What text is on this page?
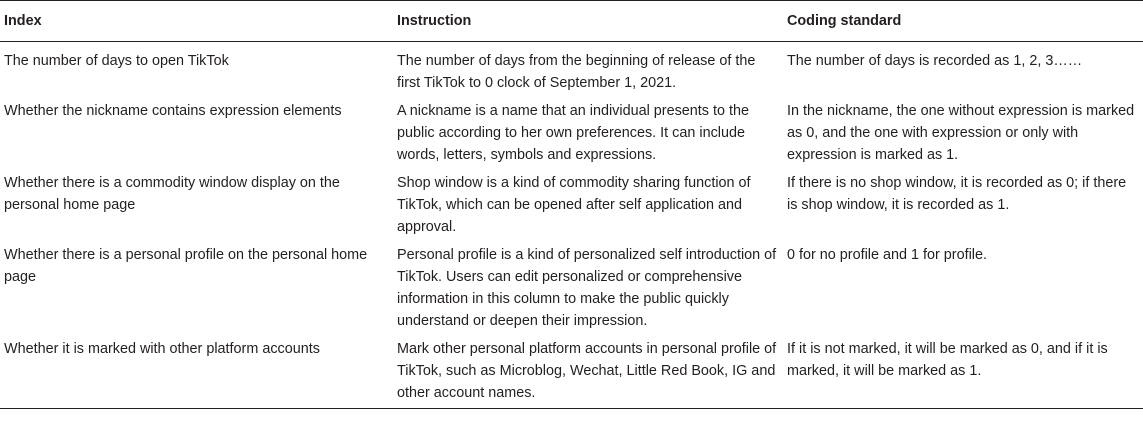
Index	Instruction	Coding standard
The number of days to open TikTok	The number of days from the beginning of release of the first TikTok to 0 clock of September 1, 2021.	The number of days is recorded as 1, 2, 3……
Whether the nickname contains expression elements	A nickname is a name that an individual presents to the public according to her own preferences. It can include words, letters, symbols and expressions.	In the nickname, the one without expression is marked as 0, and the one with expression or only with expression is marked as 1.
Whether there is a commodity window display on the personal home page	Shop window is a kind of commodity sharing function of TikTok, which can be opened after self application and approval.	If there is no shop window, it is recorded as 0; if there is shop window, it is recorded as 1.
Whether there is a personal profile on the personal home page	Personal profile is a kind of personalized self introduction of TikTok. Users can edit personalized or comprehensive information in this column to make the public quickly understand or deepen their impression.	0 for no profile and 1 for profile.
Whether it is marked with other platform accounts	Mark other personal platform accounts in personal profile of TikTok, such as Microblog, Wechat, Little Red Book, IG and other account names.	If it is not marked, it will be marked as 0, and if it is marked, it will be marked as 1.
